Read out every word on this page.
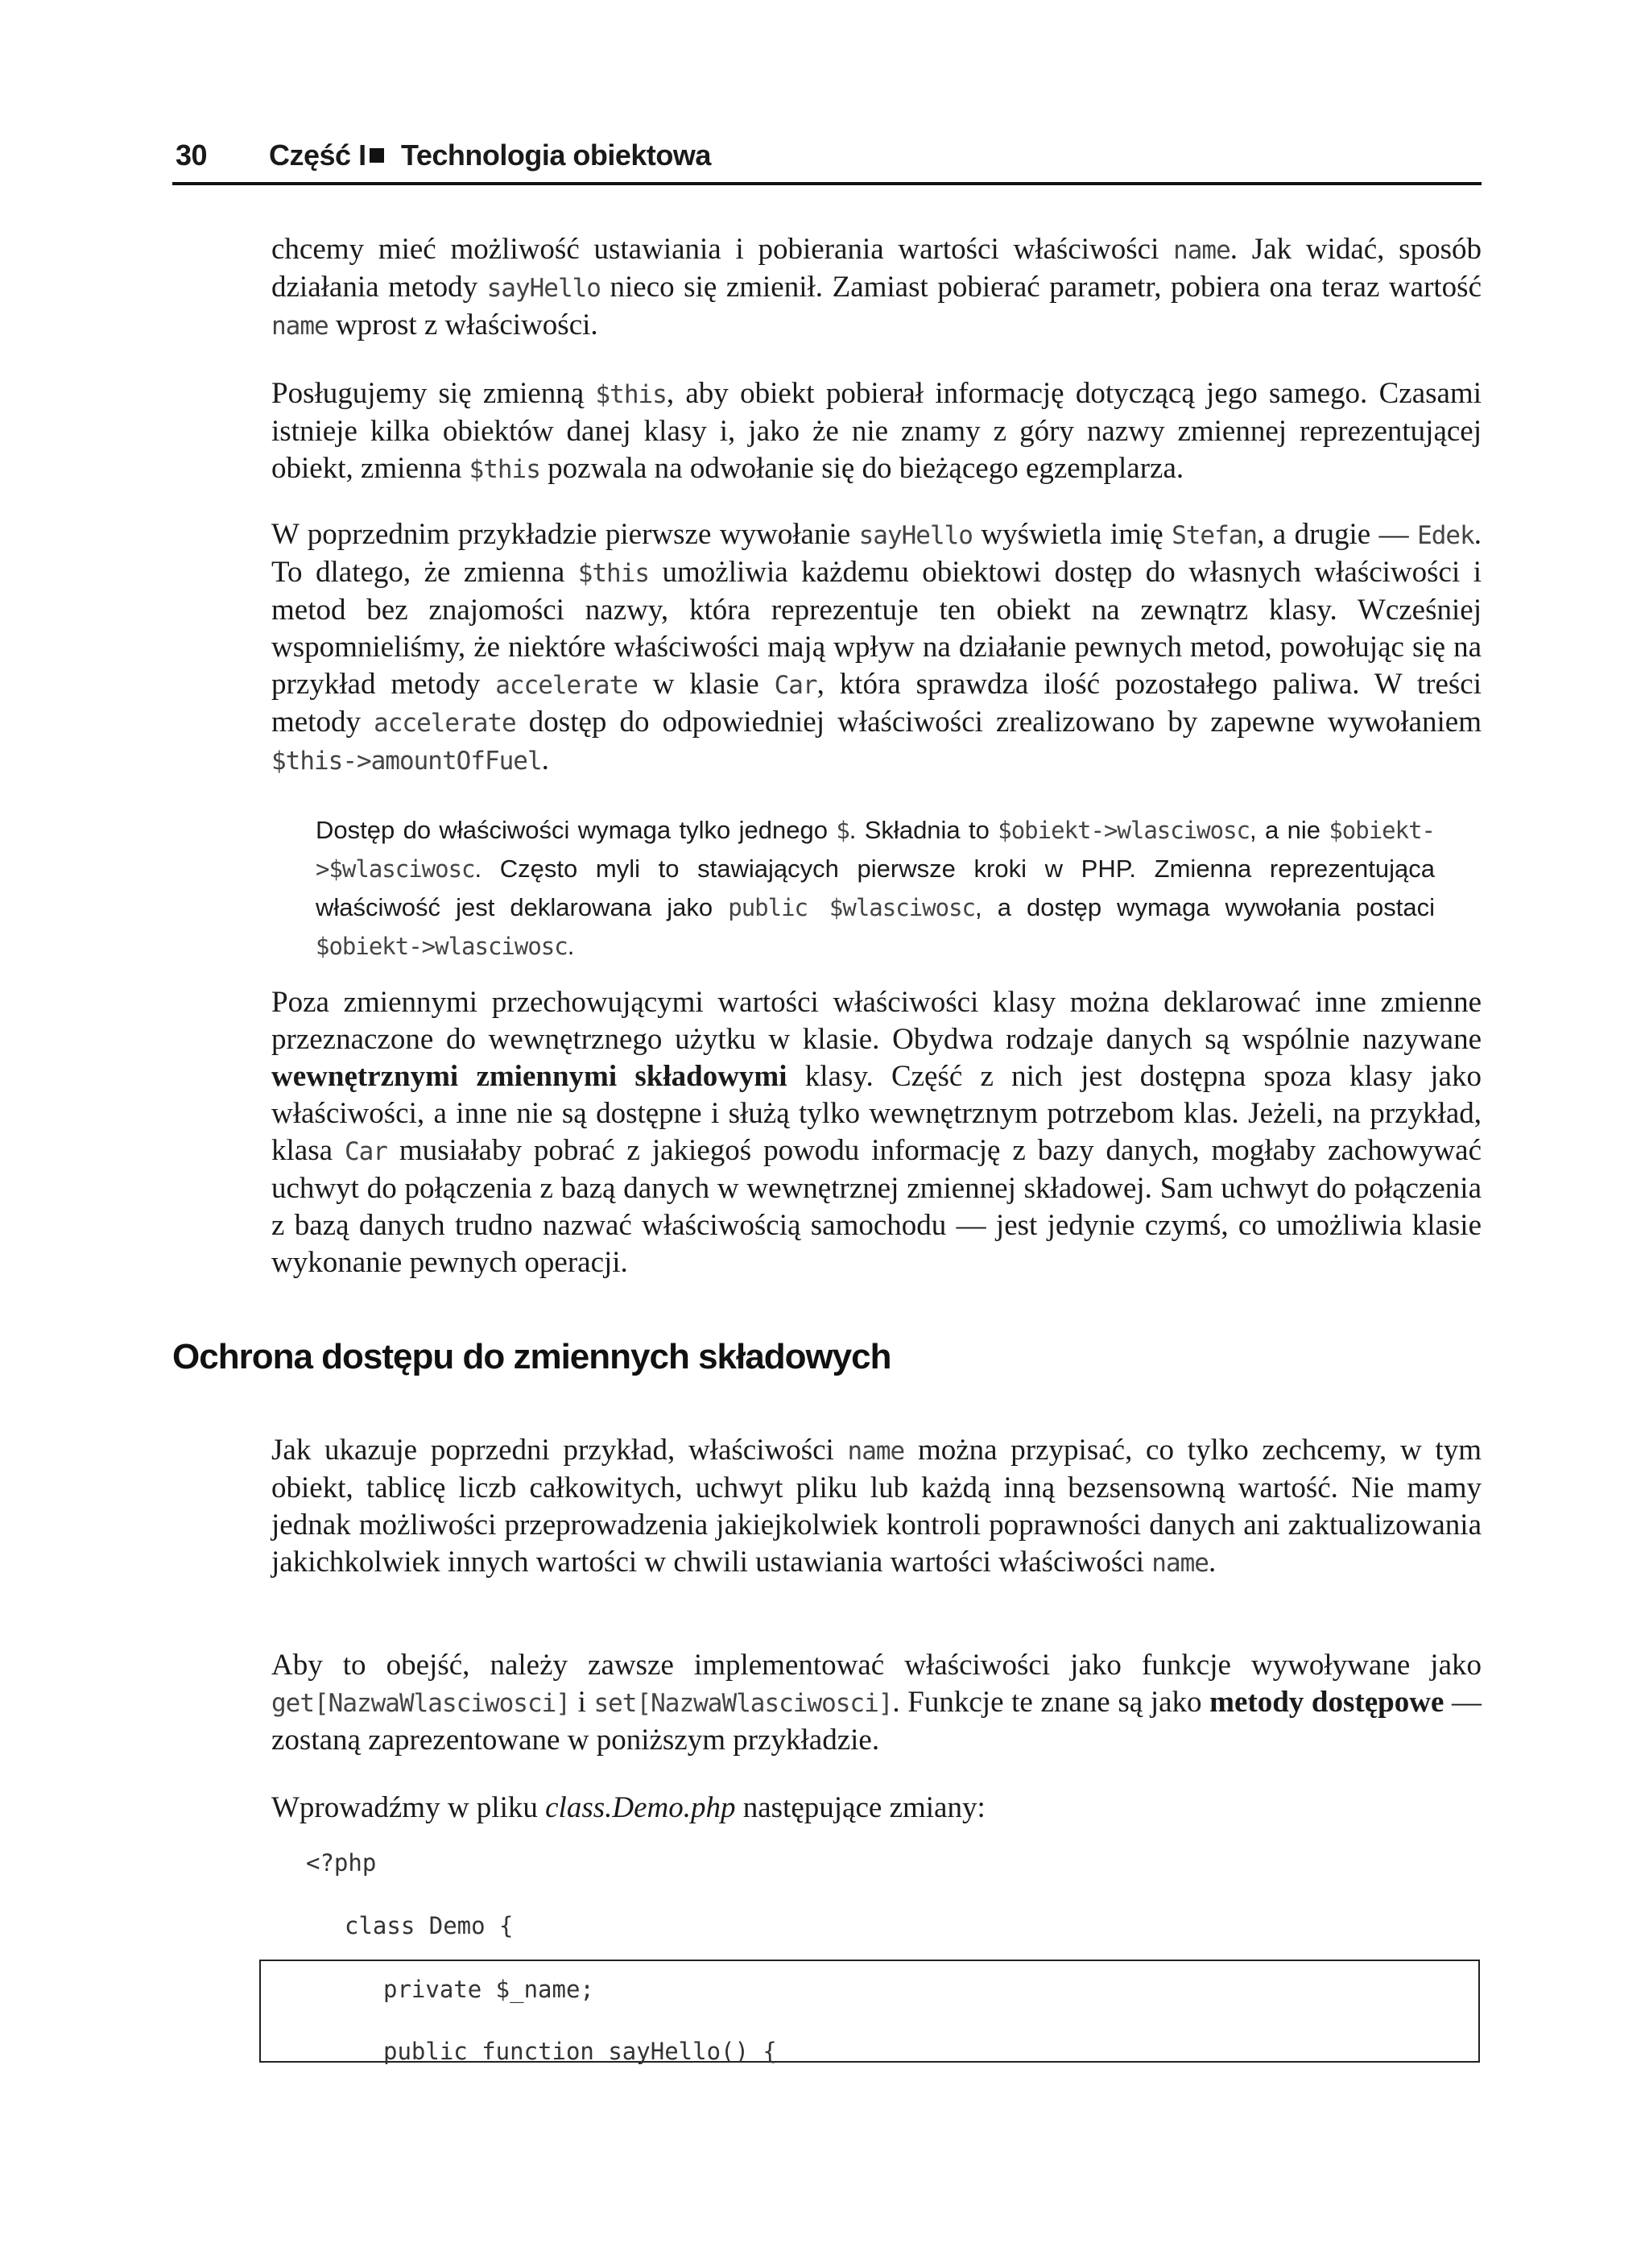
30 Część I Technologia obiektowa
chcemy mieć możliwość ustawiania i pobierania wartości właściwości name. Jak widać, sposób działania metody sayHello nieco się zmienił. Zamiast pobierać parametr, pobiera ona teraz wartość name wprost z właściwości.
Posługujemy się zmienną $this, aby obiekt pobierał informację dotyczącą jego samego. Czasami istnieje kilka obiektów danej klasy i, jako że nie znamy z góry nazwy zmiennej reprezentującej obiekt, zmienna $this pozwala na odwołanie się do bieżącego egzemplarza.
W poprzednim przykładzie pierwsze wywołanie sayHello wyświetla imię Stefan, a drugie — Edek. To dlatego, że zmienna $this umożliwia każdemu obiektowi dostęp do własnych właściwości i metod bez znajomości nazwy, która reprezentuje ten obiekt na zewnątrz klasy. Wcześniej wspomnieliśmy, że niektóre właściwości mają wpływ na działanie pewnych metod, powołując się na przykład metody accelerate w klasie Car, która sprawdza ilość pozostałego paliwa. W treści metody accelerate dostęp do odpowiedniej właściwości zrealizowano by zapewne wywołaniem $this->amountOfFuel.
Dostęp do właściwości wymaga tylko jednego $. Składnia to $obiekt->wlasciwosc, a nie $obiekt->$wlasciwosc. Często myli to stawiających pierwsze kroki w PHP. Zmienna reprezentująca właściwość jest deklarowana jako public $wlasciwosc, a dostęp wymaga wywołania postaci $obiekt->wlasciwosc.
Poza zmiennymi przechowującymi wartości właściwości klasy można deklarować inne zmienne przeznaczone do wewnętrznego użytku w klasie. Obydwa rodzaje danych są wspólnie nazywane wewnętrznymi zmiennymi składowymi klasy. Część z nich jest dostępna spoza klasy jako właściwości, a inne nie są dostępne i służą tylko wewnętrznym potrzebom klas. Jeżeli, na przykład, klasa Car musiałaby pobrać z jakiegoś powodu informację z bazy danych, mogłaby zachowywać uchwyt do połączenia z bazą danych w wewnętrznej zmiennej składowej. Sam uchwyt do połączenia z bazą danych trudno nazwać właściwością samochodu — jest jedynie czymś, co umożliwia klasie wykonanie pewnych operacji.
Ochrona dostępu do zmiennych składowych
Jak ukazuje poprzedni przykład, właściwości name można przypisać, co tylko zechcemy, w tym obiekt, tablicę liczb całkowitych, uchwyt pliku lub każdą inną bezsensowną wartość. Nie mamy jednak możliwości przeprowadzenia jakiejkolwiek kontroli poprawności danych ani zaktualizowania jakichkolwiek innych wartości w chwili ustawiania wartości właściwości name.
Aby to obejść, należy zawsze implementować właściwości jako funkcje wywoływane jako get[NazwaWlasciwosci] i set[NazwaWlasciwosci]. Funkcje te znane są jako metody dostępowe — zostaną zaprezentowane w poniższym przykładzie.
Wprowadźmy w pliku class.Demo.php następujące zmiany:
<?php
class Demo {
private $_name;
public function sayHello() {
